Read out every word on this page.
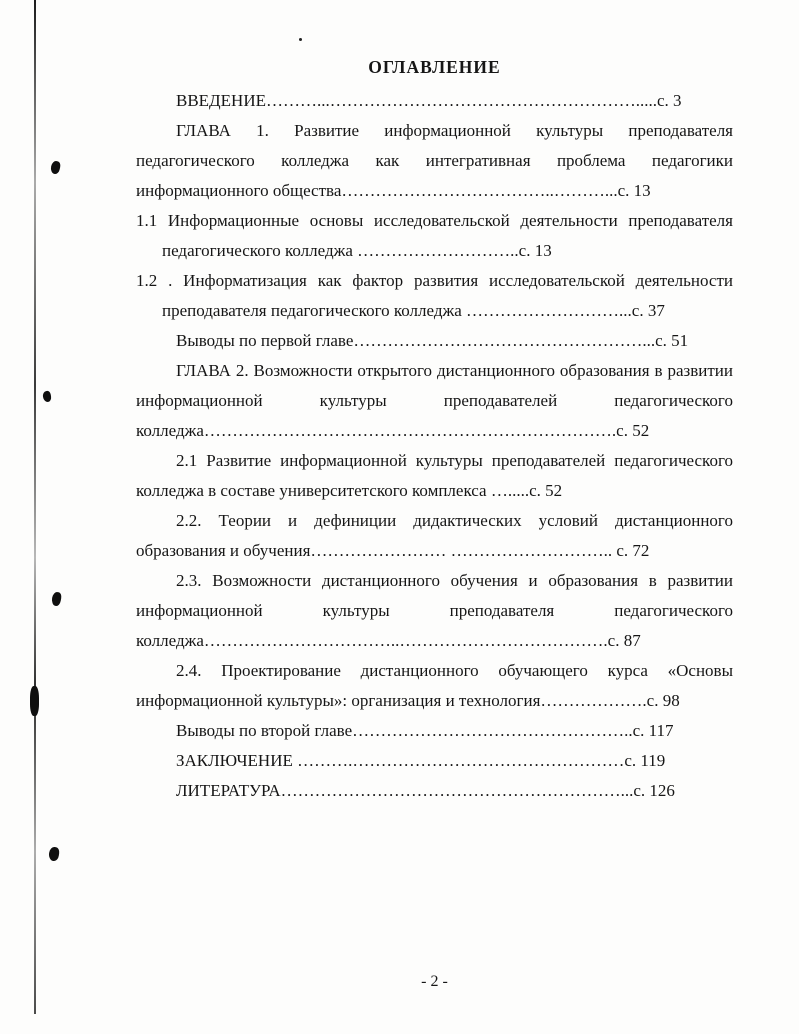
ОГЛАВЛЕНИЕ

ВВЕДЕНИЕ………...……………………………………………….....с. 3

ГЛАВА 1. Развитие информационной культуры преподавателя педагогического колледжа как интегративная проблема педагогики информационного общества………………………………..………...с. 13

1.1 Информационные основы исследовательской деятельности преподавателя педагогического колледжа ………………………..с. 13

1.2 . Информатизация как фактор развития исследовательской деятельности преподавателя педагогического колледжа ………………………...с. 37

Выводы по первой главе……………………………………………...с. 51

ГЛАВА 2. Возможности открытого дистанционного образования в развитии информационной культуры преподавателей педагогического колледжа……………………………………………………………….с. 52

2.1 Развитие информационной культуры преподавателей педагогического колледжа в составе университетского комплекса ….....с. 52

2.2. Теории и дефиниции дидактических условий дистанционного образования и обучения…………………… ……………………….. с. 72

2.3. Возможности дистанционного обучения и образования в развитии информационной культуры преподавателя педагогического колледжа……………………………..……………………………….с. 87

2.4. Проектирование дистанционного обучающего курса «Основы информационной культуры»: организация и технология……………….с. 98

Выводы по второй главе…………………………………………..с. 117

ЗАКЛЮЧЕНИЕ ……….…………………………………………с. 119

ЛИТЕРАТУРА……………………………………………………...с. 126

- 2 -
